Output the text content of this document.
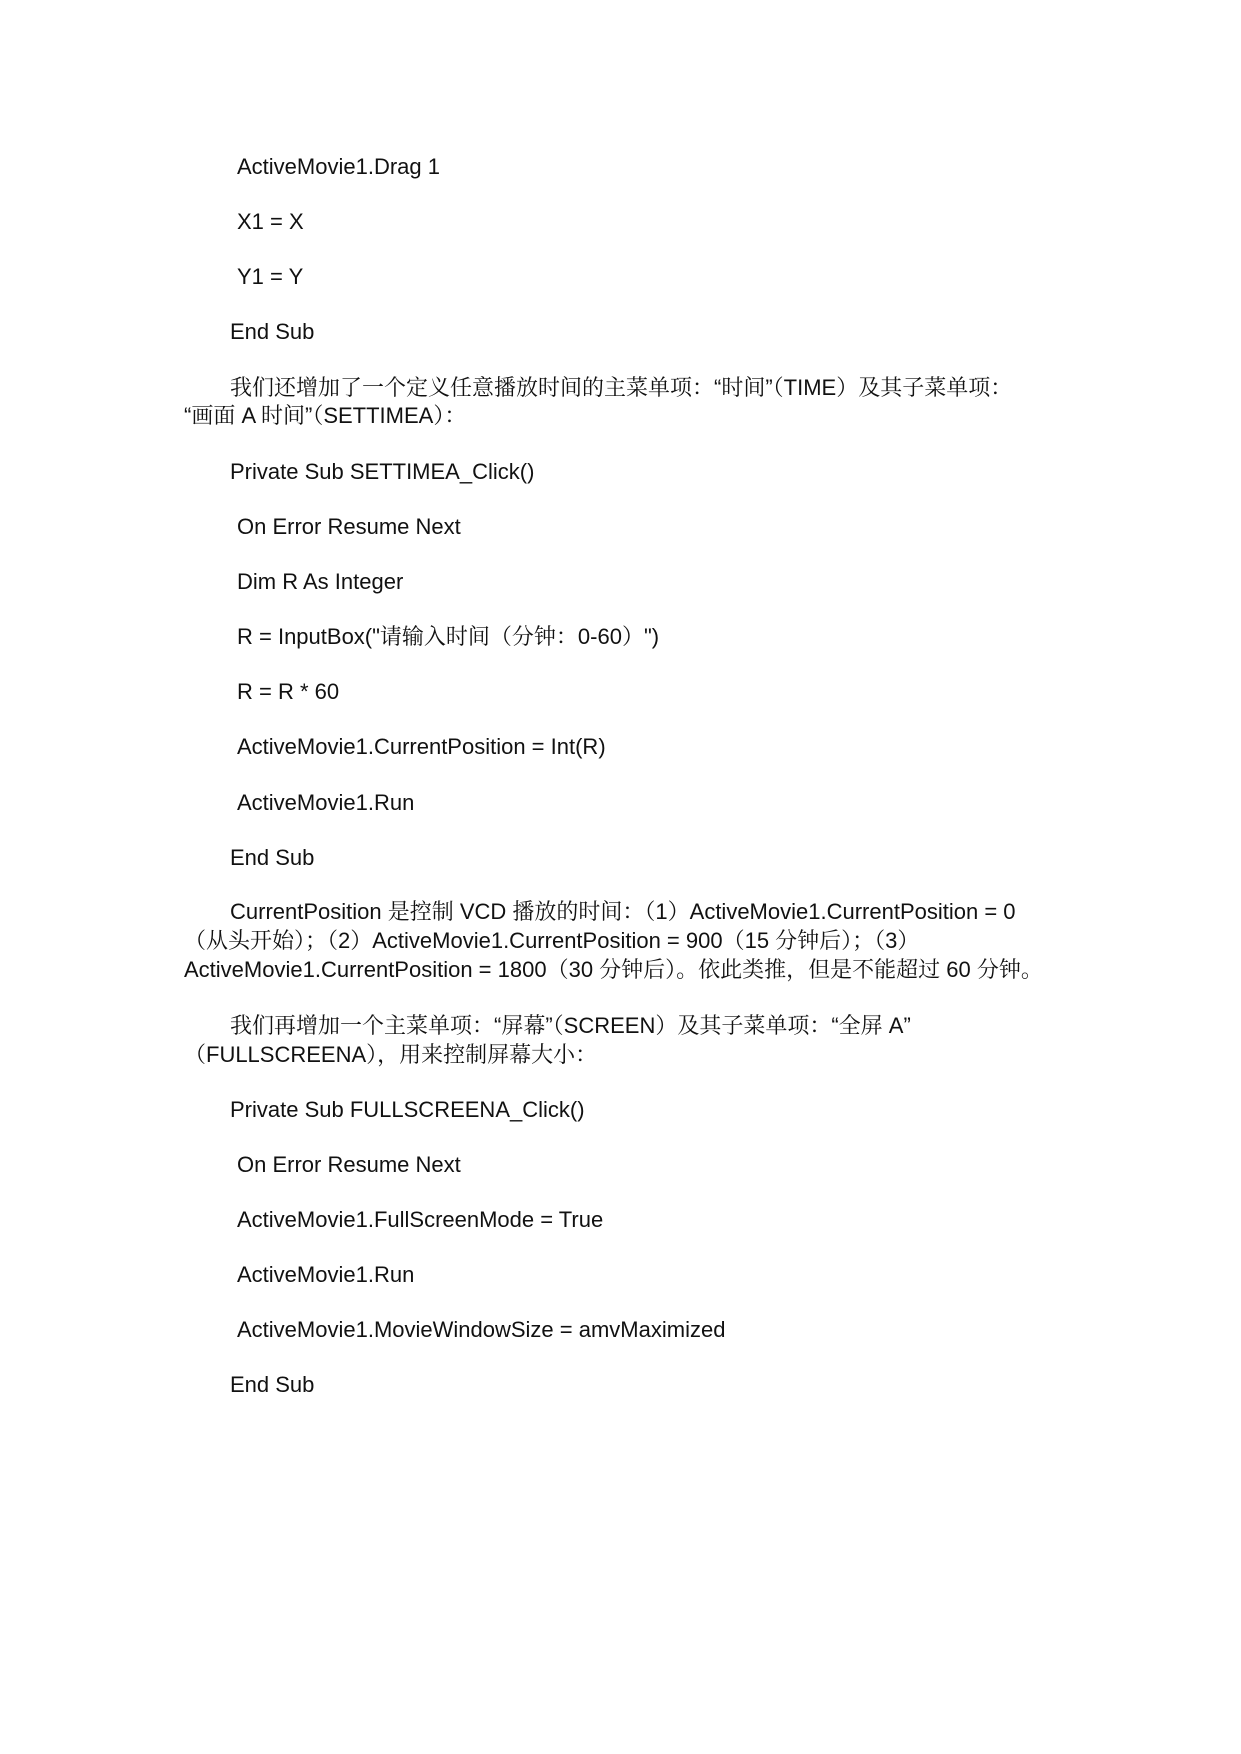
ActiveMovie1.Drag 1
X1 = X
Y1 = Y
End Sub
我们还增加了一个定义任意播放时间的主菜单项：“时间”（TIME）及其子菜单项：
“画面 A 时间”（SETTIMEA）：
Private Sub SETTIMEA_Click()
On Error Resume Next
Dim R As Integer
R = InputBox("请输入时间（分钟：0-60）")
R = R * 60
ActiveMovie1.CurrentPosition = Int(R)
ActiveMovie1.Run
End Sub
CurrentPosition 是控制 VCD 播放的时间：（1）ActiveMovie1.CurrentPosition = 0
（从头开始）；（2）ActiveMovie1.CurrentPosition = 900（15 分钟后）；（3）
ActiveMovie1.CurrentPosition = 1800（30 分钟后）。依此类推，但是不能超过 60 分钟。
我们再增加一个主菜单项：“屏幕”（SCREEN）及其子菜单项：“全屏 A”
（FULLSCREENA），用来控制屏幕大小：
Private Sub FULLSCREENA_Click()
On Error Resume Next
ActiveMovie1.FullScreenMode = True
ActiveMovie1.Run
ActiveMovie1.MovieWindowSize = amvMaximized
End Sub
